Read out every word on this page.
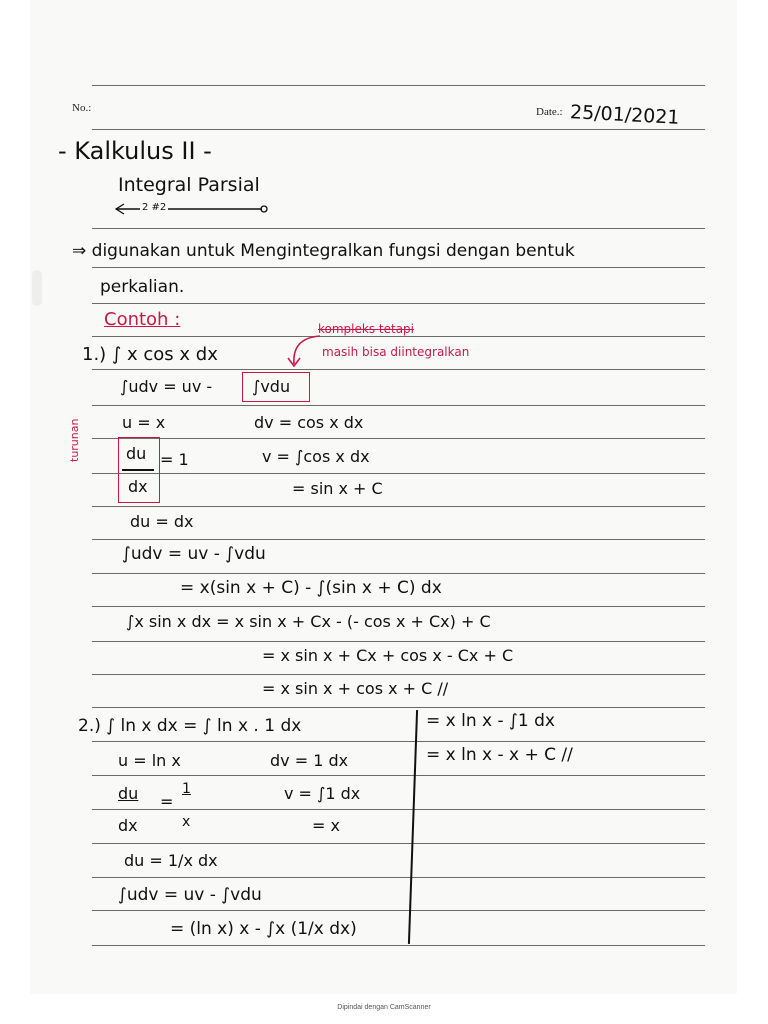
No.:	Date.: 25/01/2021
- Kalkulus II -
Integral Parsial
2 #2
⇒ digunakan untuk Mengintegralkan fungsi dengan bentuk
perkalian.
Contoh :	kompleks tetapi
masih bisa diintegralkan
1.) ∫ x cos x dx
∫udv = uv - ∫vdu
u = x	dv = cos x dx
du
dx
= 1
turunan	v = ∫cos x dx
= sin x + C
du = dx
∫udv = uv - ∫vdu
= x(sin x + C) - ∫(sin x + C) dx
∫x sin x dx = x sin x + Cx - (- cos x + Cx) + C
= x sin x + Cx + cos x - Cx + C
= x sin x + cos x + C //
2.) ∫ ln x dx = ∫ ln x . 1 dx	= x ln x - ∫1 dx
= x ln x - x + C //
u = ln x	dv = 1 dx
du =
1
dx	x
v = ∫1 dx
= x
du = 1/x dx
∫udv = uv - ∫vdu
= (ln x) x - ∫x (1/x dx)
Dipindai dengan CamScanner
